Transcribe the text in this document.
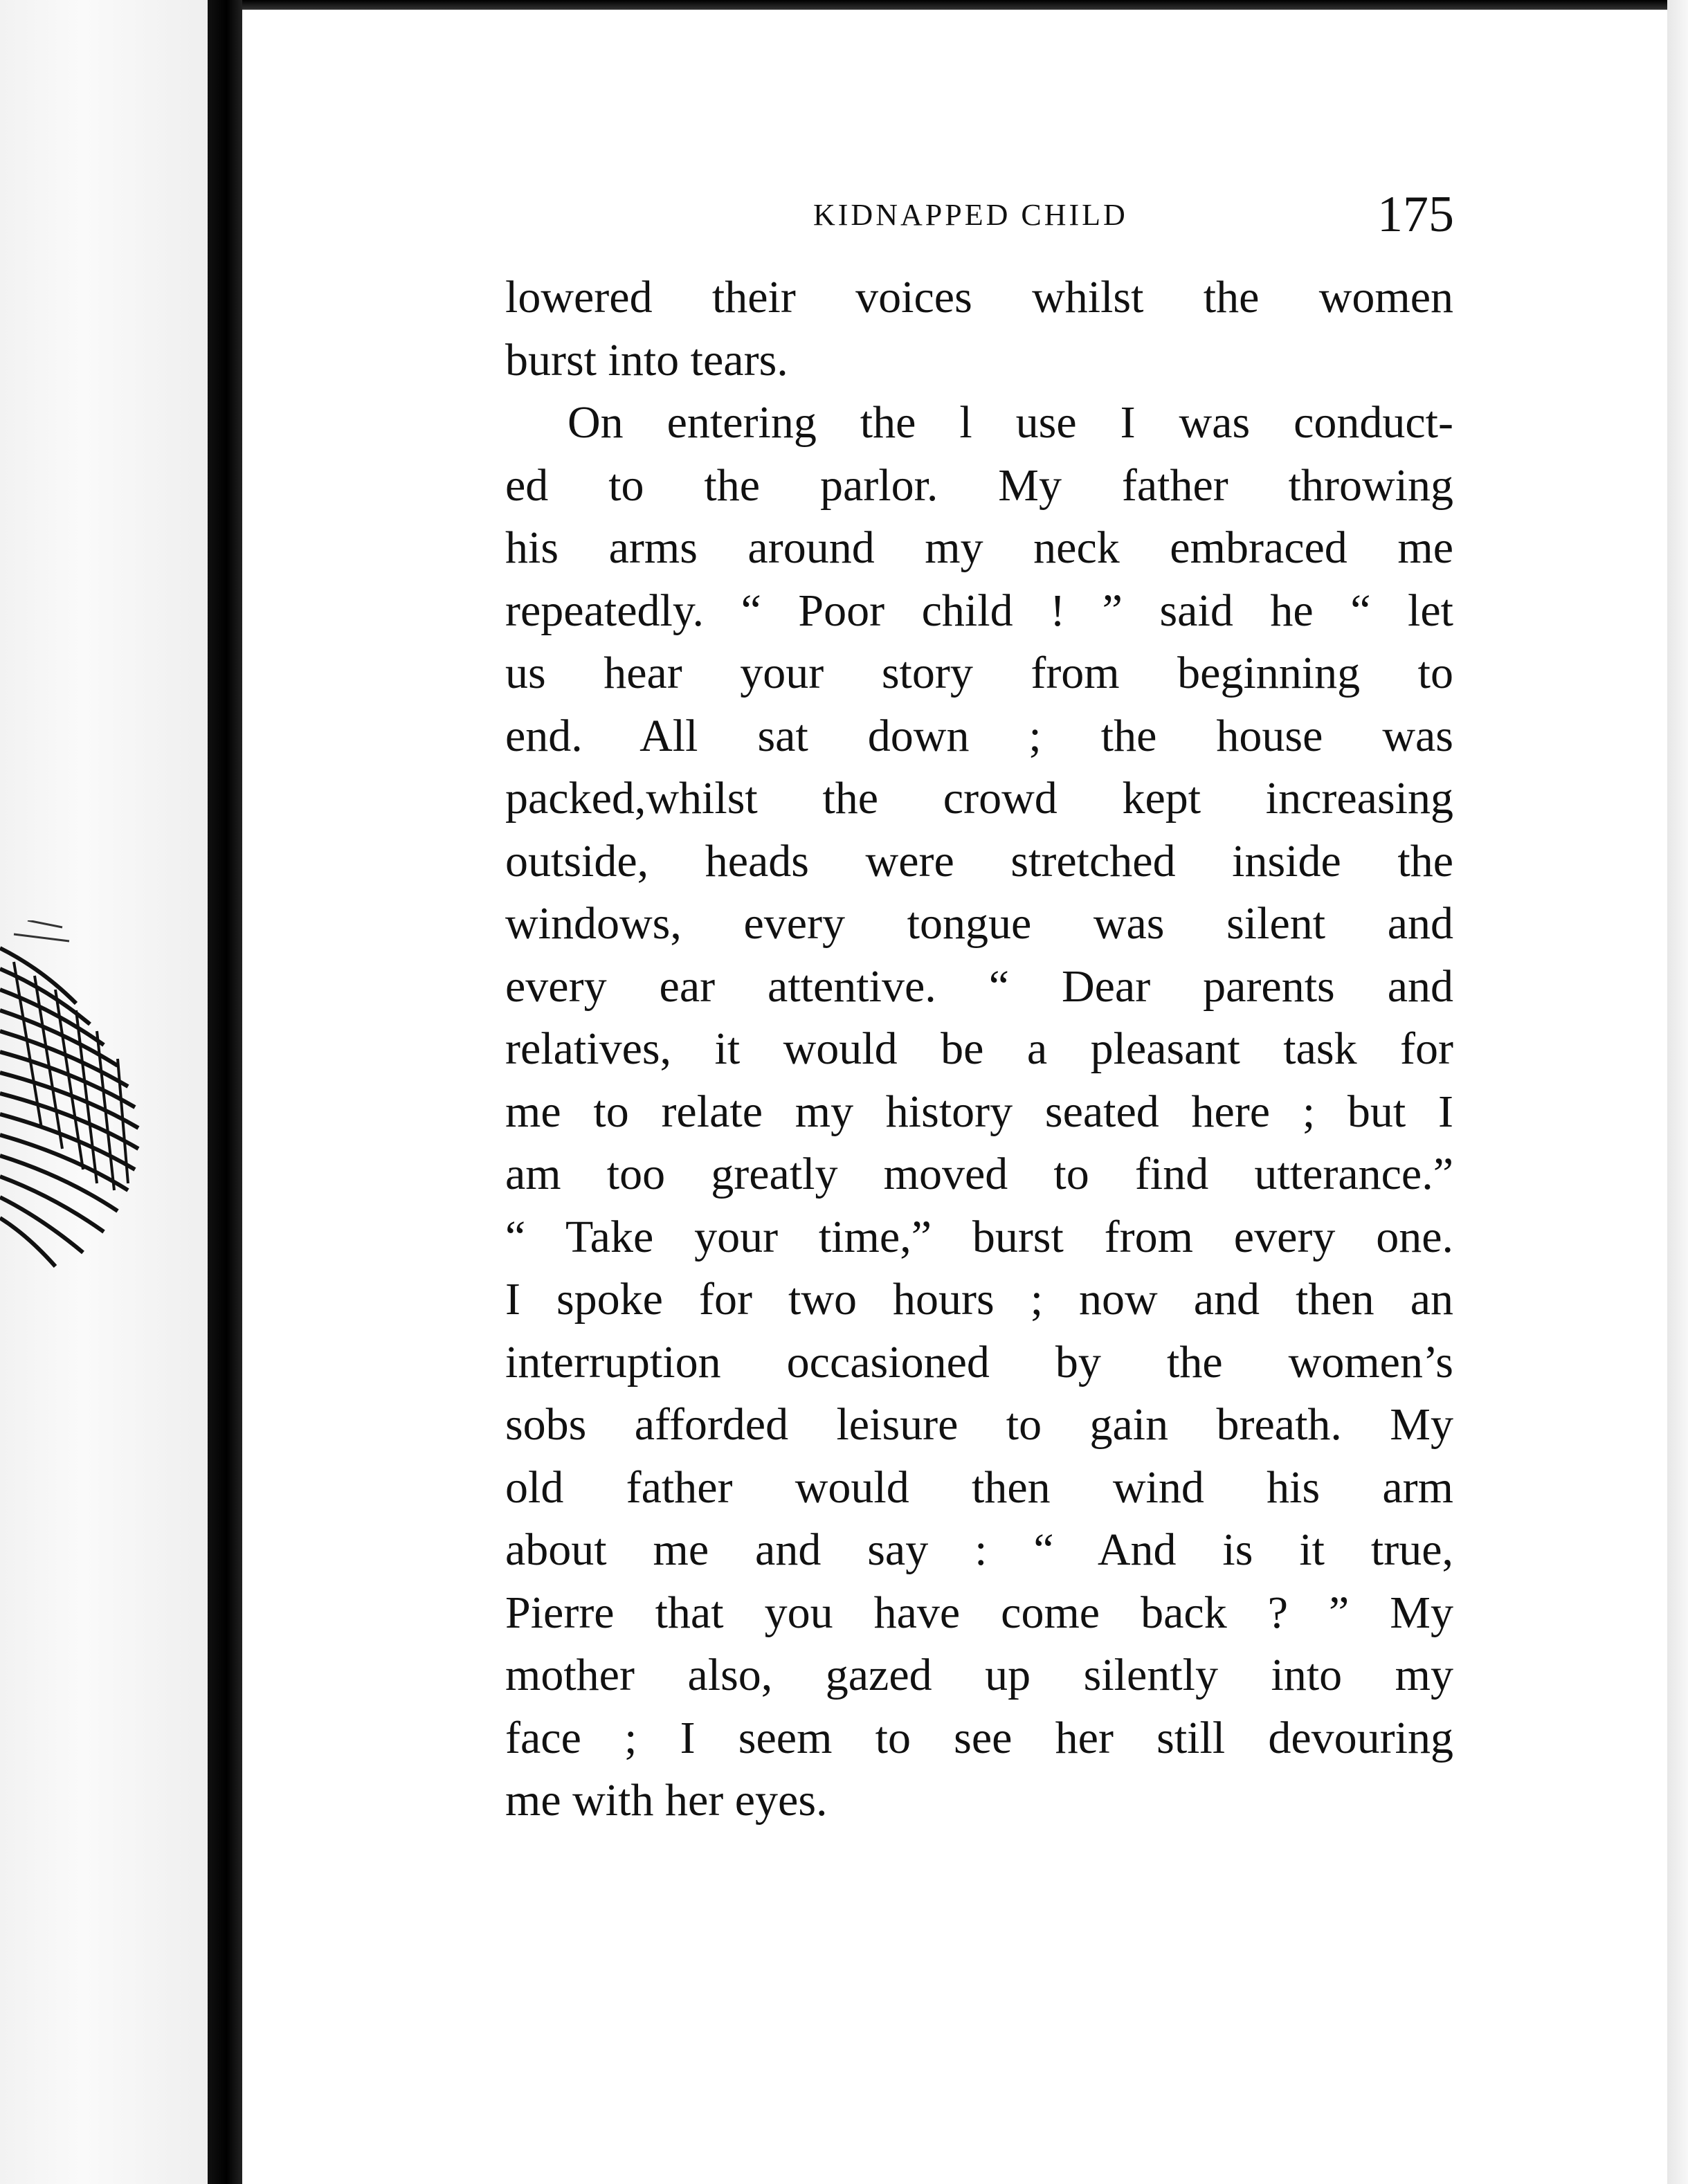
KIDNAPPED CHILD	175
lowered their voices whilst the women
burst into tears.
On entering the l use I was conduct-
ed to the parlor. My father throwing
his arms around my neck embraced me
repeatedly. “ Poor child ! ” said he “ let
us hear your story from beginning to
end. All sat down ; the house was
packed,whilst the crowd kept increasing
outside, heads were stretched inside the
windows, every tongue was silent and
every ear attentive. “ Dear parents and
relatives, it would be a pleasant task for
me to relate my history seated here ; but I
am too greatly moved to find utterance.”
“ Take your time,” burst from every one.
I spoke for two hours ; now and then an
interruption occasioned by the women’s
sobs afforded leisure to gain breath. My
old father would then wind his arm
about me and say : “ And is it true,
Pierre that you have come back ? ” My
mother also, gazed up silently into my
face ; I seem to see her still devouring
me with her eyes.
